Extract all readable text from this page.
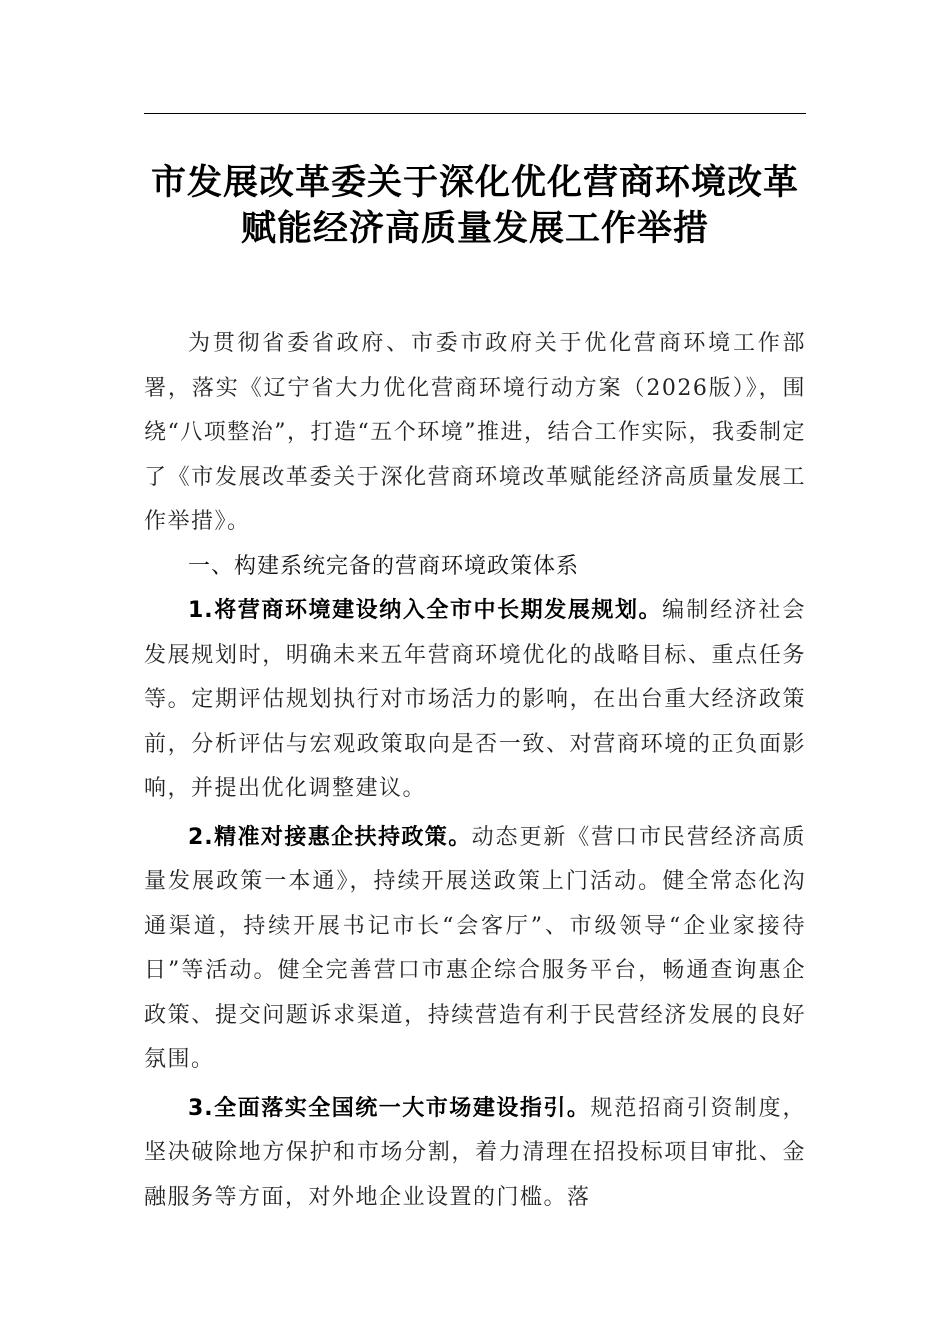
市发展改革委关于深化优化营商环境改革
赋能经济高质量发展工作举措

为贯彻省委省政府、市委市政府关于优化营商环境工作部署，落实《辽宁省大力优化营商环境行动方案（2026版）》，围绕“八项整治”，打造“五个环境”推进，结合工作实际，我委制定了《市发展改革委关于深化营商环境改革赋能经济高质量发展工作举措》。

一、构建系统完备的营商环境政策体系

1.将营商环境建设纳入全市中长期发展规划。编制经济社会发展规划时，明确未来五年营商环境优化的战略目标、重点任务等。定期评估规划执行对市场活力的影响，在出台重大经济政策前，分析评估与宏观政策取向是否一致、对营商环境的正负面影响，并提出优化调整建议。

2.精准对接惠企扶持政策。动态更新《营口市民营经济高质量发展政策一本通》，持续开展送政策上门活动。健全常态化沟通渠道，持续开展书记市长“会客厅”、市级领导“企业家接待日”等活动。健全完善营口市惠企综合服务平台，畅通查询惠企政策、提交问题诉求渠道，持续营造有利于民营经济发展的良好氛围。

3.全面落实全国统一大市场建设指引。规范招商引资制度，坚决破除地方保护和市场分割，着力清理在招投标项目审批、金融服务等方面，对外地企业设置的门槛。落
